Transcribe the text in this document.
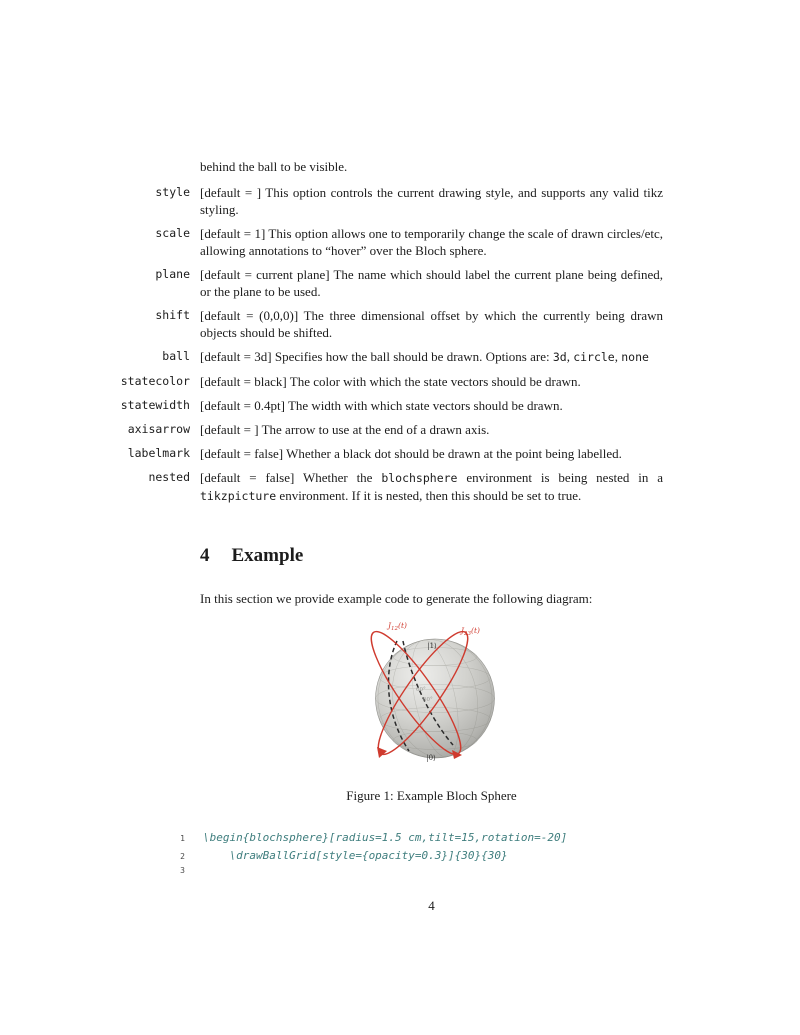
behind the ball to be visible.
style [default = ] This option controls the current drawing style, and supports any valid tikz styling.
scale [default = 1] This option allows one to temporarily change the scale of drawn circles/etc, allowing annotations to “hover” over the Bloch sphere.
plane [default = current plane] The name which should label the current plane being defined, or the plane to be used.
shift [default = (0,0,0)] The three dimensional offset by which the currently being drawn objects should be shifted.
ball [default = 3d] Specifies how the ball should be drawn. Options are: 3d, circle, none
statecolor [default = black] The color with which the state vectors should be drawn.
statewidth [default = 0.4pt] The width with which state vectors should be drawn.
axisarrow [default = ] The arrow to use at the end of a drawn axis.
labelmark [default = false] Whether a black dot should be drawn at the point being labelled.
nested [default = false] Whether the blochsphere environment is being nested in a tikzpicture environment. If it is nested, then this should be set to true.
4 Example
In this section we provide example code to generate the following diagram:
$J_{12}(t)$
$J_{23}(t)$
|1⟩
|0⟩
60°
60°
Figure 1: Example Bloch Sphere
1 \begin{blochsphere}[radius=1.5 cm,tilt=15,rotation=-20]
2 \drawBallGrid[style={opacity=0.3}]{30}{30}
3
4
